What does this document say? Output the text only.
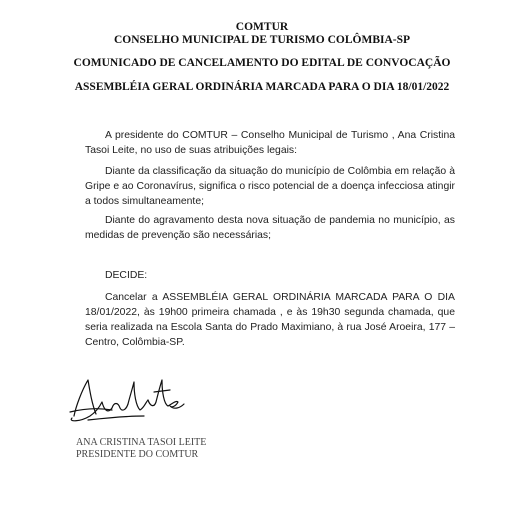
COMTUR
CONSELHO MUNICIPAL DE TURISMO COLÔMBIA-SP
COMUNICADO DE CANCELAMENTO DO EDITAL DE CONVOCAÇÃO
ASSEMBLÉIA GERAL ORDINÁRIA MARCADA PARA O DIA 18/01/2022
A presidente do COMTUR – Conselho Municipal de Turismo , Ana Cristina Tasoi Leite, no uso de suas atribuições legais:
Diante da classificação da situação do município de Colômbia em relação à Gripe e ao Coronavírus, significa o risco potencial de a doença infecciosa atingir a todos simultaneamente;
Diante do agravamento desta nova situação de pandemia no município, as medidas de prevenção são necessárias;
DECIDE:
Cancelar a ASSEMBLÉIA GERAL ORDINÁRIA MARCADA PARA O DIA 18/01/2022, às 19h00 primeira chamada , e às 19h30 segunda chamada, que seria realizada na Escola Santa do Prado Maximiano, à rua José Aroeira, 177 – Centro, Colômbia-SP.
ANA CRISTINA TASOI LEITE
PRESIDENTE DO COMTUR
